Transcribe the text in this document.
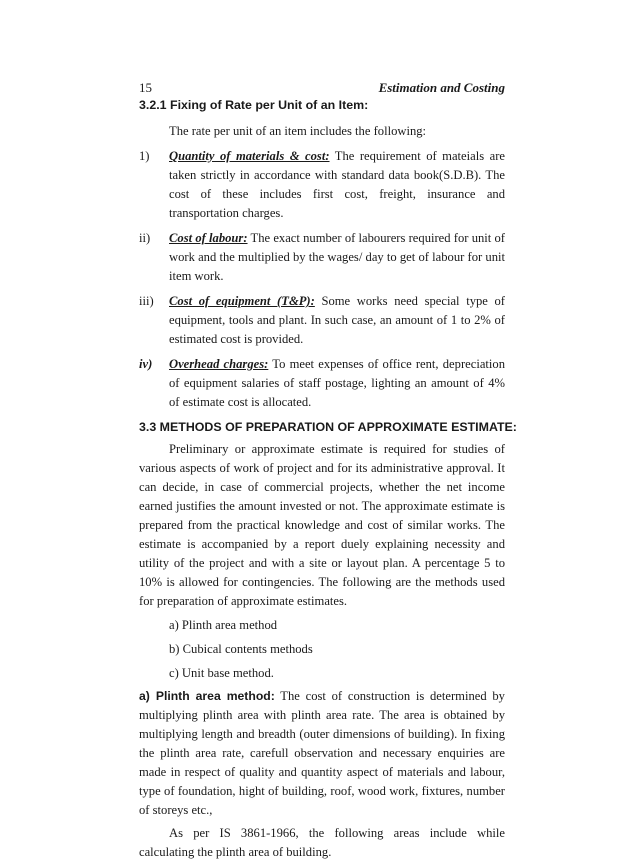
15	Estimation and Costing
3.2.1 Fixing of Rate per Unit of an Item:
The rate per unit of an item includes the following:
1)	Quantity of materials & cost: The requirement of mateials are taken strictly in accordance with standard data book(S.D.B). The cost of these includes first cost, freight, insurance and transportation charges.
ii)	Cost of labour: The exact number of labourers required for unit of work and the multiplied by the wages/ day to get of labour for unit item work.
iii)	Cost of equipment (T&P): Some works need special type of equipment, tools and plant. In such case, an amount of 1 to 2% of estimated cost is provided.
iv)	Overhead charges: To meet expenses of office rent, depreciation of equipment salaries of staff postage, lighting an amount of 4% of estimate cost is allocated.
3.3 METHODS OF PREPARATION OF APPROXIMATE ESTIMATE:

Preliminary or approximate estimate is required for studies of various aspects of work of project and for its administrative approval. It can decide, in case of commercial projects, whether the net income earned justifies the amount invested or not. The approximate estimate is prepared from the practical knowledge and cost of similar works. The estimate is accompanied by a report duely explaining necessity and utility of the project and with a site or layout plan. A percentage 5 to 10% is allowed for contingencies. The following are the methods used for preparation of approximate estimates.

a) Plinth area method
b) Cubical contents methods
c) Unit base method.

a) Plinth area method: The cost of construction is determined by multiplying plinth area with plinth area rate. The area is obtained by multiplying length and breadth (outer dimensions of building). In fixing the plinth area rate, carefull observation and necessary enquiries are made in respect of quality and quantity aspect of materials and labour, type of foundation, hight of building, roof, wood work, fixtures, number of storeys etc.,

As per IS 3861-1966, the following areas include while calculating the plinth area of building.
